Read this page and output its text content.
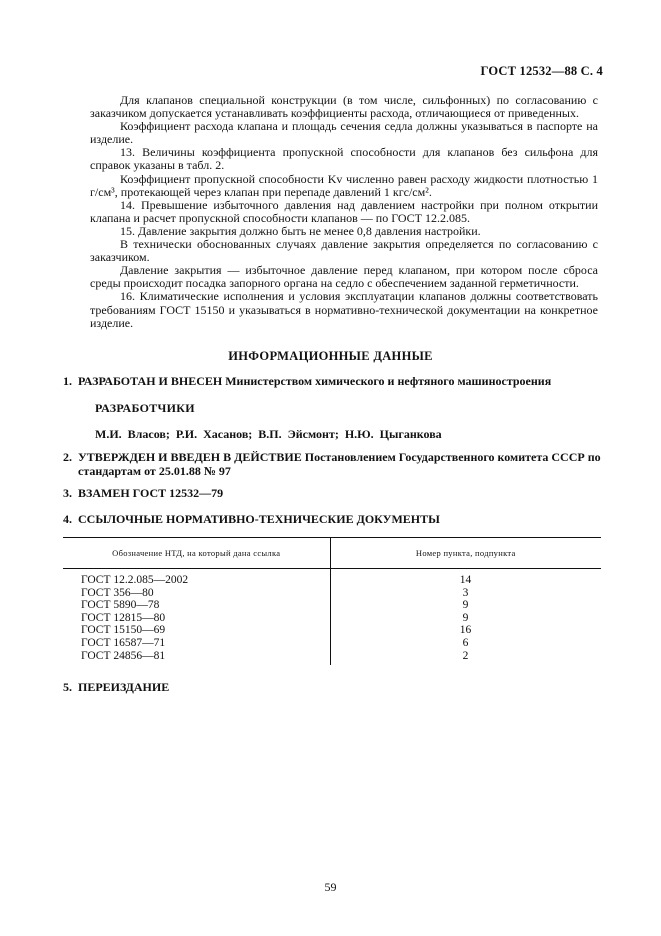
ГОСТ 12532—88 С. 4

Для клапанов специальной конструкции (в том числе, сильфонных) по согласованию с заказчиком допускается устанавливать коэффициенты расхода, отличающиеся от приведенных.

Коэффициент расхода клапана и площадь сечения седла должны указываться в паспорте на изделие.

13. Величины коэффициента пропускной способности для клапанов без сильфона для справок указаны в табл. 2.

Коэффициент пропускной способности Kv численно равен расходу жидкости плотностью 1 г/см³, протекающей через клапан при перепаде давлений 1 кгс/см².

14. Превышение избыточного давления над давлением настройки при полном открытии клапана и расчет пропускной способности клапанов — по ГОСТ 12.2.085.

15. Давление закрытия должно быть не менее 0,8 давления настройки.

В технически обоснованных случаях давление закрытия определяется по согласованию с заказчиком.

Давление закрытия — избыточное давление перед клапаном, при котором после сброса среды происходит посадка запорного органа на седло с обеспечением заданной герметичности.

16. Климатические исполнения и условия эксплуатации клапанов должны соответствовать требованиям ГОСТ 15150 и указываться в нормативно-технической документации на конкретное изделие.

ИНФОРМАЦИОННЫЕ ДАННЫЕ
1. РАЗРАБОТАН И ВНЕСЕН Министерством химического и нефтяного машиностроения
РАЗРАБОТЧИКИ
М.И. Власов; Р.И. Хасанов; В.П. Эйсмонт; Н.Ю. Цыганкова
2. УТВЕРЖДЕН И ВВЕДЕН В ДЕЙСТВИЕ Постановлением Государственного комитета СССР по
стандартам от 25.01.88 № 97
3. ВЗАМЕН ГОСТ 12532—79
4. ССЫЛОЧНЫЕ НОРМАТИВНО-ТЕХНИЧЕСКИЕ ДОКУМЕНТЫ
Обозначение НТД, на который дана ссылка	Номер пункта, подпункта
ГОСТ 12.2.085—2002	14
ГОСТ 356—80	3
ГОСТ 5890—78	9
ГОСТ 12815—80	9
ГОСТ 15150—69	16
ГОСТ 16587—71	6
ГОСТ 24856—81	2
5. ПЕРЕИЗДАНИЕ
59
